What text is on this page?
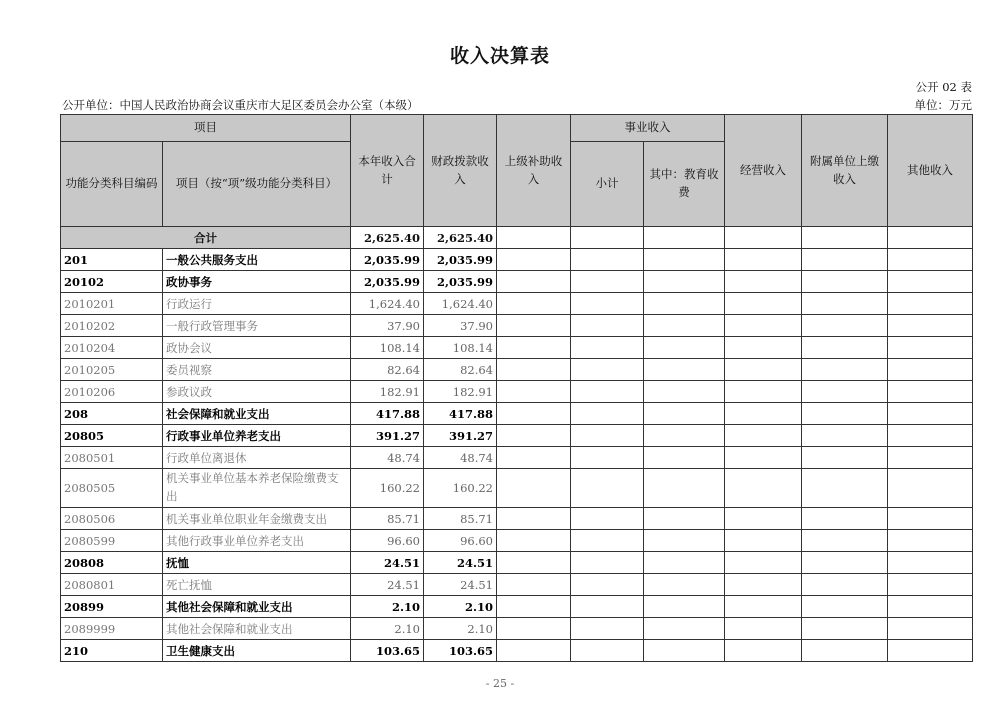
收入决算表
公开 02 表
公开单位：中国人民政治协商会议重庆市大足区委员会办公室（本级）	单位：万元
项目		本年收入合计	财政拨款收入	上级补助收入	事业收入		经营收入	附属单位上缴收入	其他收入
功能分类科目编码	项目（按“项”级功能分类科目）				小计	其中：教育收费			
合计		2,625.40	2,625.40						
201	一般公共服务支出	2,035.99	2,035.99						
20102	政协事务	2,035.99	2,035.99						
2010201	行政运行	1,624.40	1,624.40						
2010202	一般行政管理事务	37.90	37.90						
2010204	政协会议	108.14	108.14						
2010205	委员视察	82.64	82.64						
2010206	参政议政	182.91	182.91						
208	社会保障和就业支出	417.88	417.88						
20805	行政事业单位养老支出	391.27	391.27						
2080501	行政单位离退休	48.74	48.74						
2080505	机关事业单位基本养老保险缴费支出	160.22	160.22						
2080506	机关事业单位职业年金缴费支出	85.71	85.71						
2080599	其他行政事业单位养老支出	96.60	96.60						
20808	抚恤	24.51	24.51						
2080801	死亡抚恤	24.51	24.51						
20899	其他社会保障和就业支出	2.10	2.10						
2089999	其他社会保障和就业支出	2.10	2.10						
210	卫生健康支出	103.65	103.65						
- 25 -
